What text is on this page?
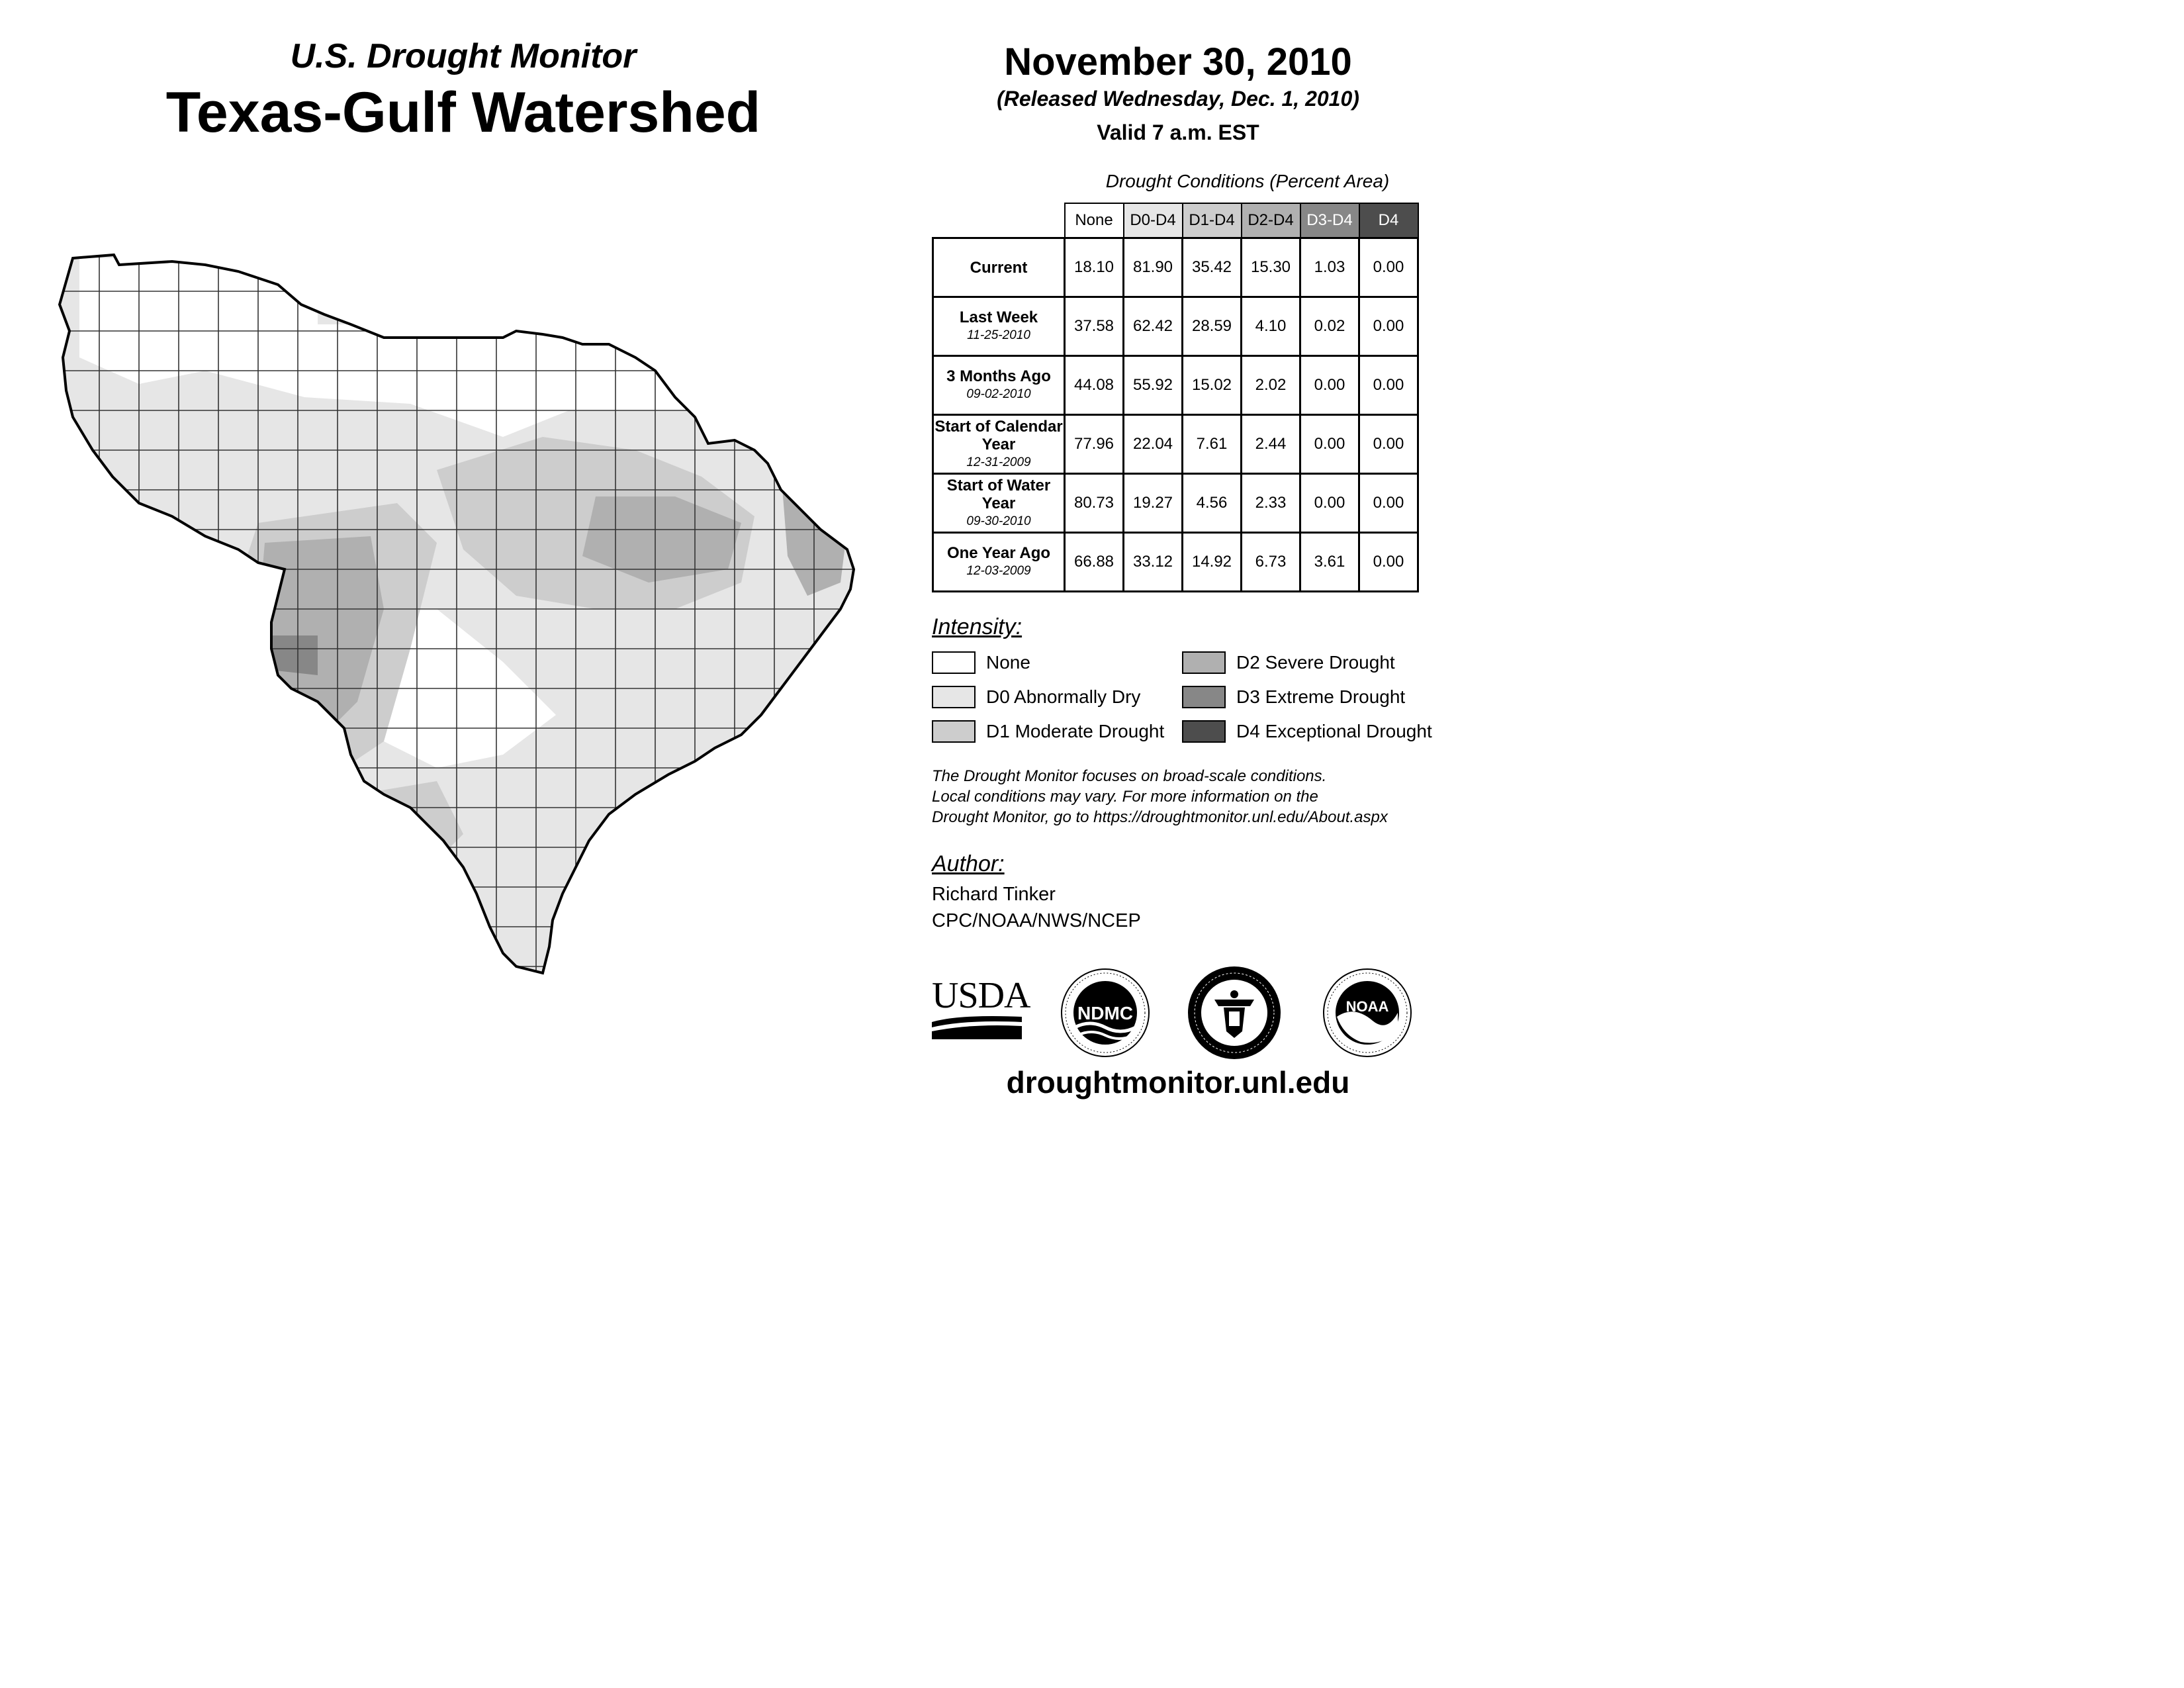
U.S. Drought Monitor
Texas-Gulf Watershed
November 30, 2010
(Released Wednesday, Dec. 1, 2010)
Valid 7 a.m. EST
Drought Conditions (Percent Area)
	None	D0-D4	D1-D4	D2-D4	D3-D4	D4
Current	18.10	81.90	35.42	15.30	1.03	0.00
Last Week
11-25-2010	37.58	62.42	28.59	4.10	0.02	0.00
3 Months Ago
09-02-2010	44.08	55.92	15.02	2.02	0.00	0.00
Start of Calendar Year
12-31-2009	77.96	22.04	7.61	2.44	0.00	0.00
Start of Water Year
09-30-2010	80.73	19.27	4.56	2.33	0.00	0.00
One Year Ago
12-03-2009	66.88	33.12	14.92	6.73	3.61	0.00
Intensity:
None
D0 Abnormally Dry
D1 Moderate Drought
D2 Severe Drought
D3 Extreme Drought
D4 Exceptional Drought
The Drought Monitor focuses on broad-scale conditions.
Local conditions may vary. For more information on the
Drought Monitor, go to https://droughtmonitor.unl.edu/About.aspx
Author:
Richard Tinker
CPC/NOAA/NWS/NCEP
USDA	NDMC	NOAA
droughtmonitor.unl.edu
